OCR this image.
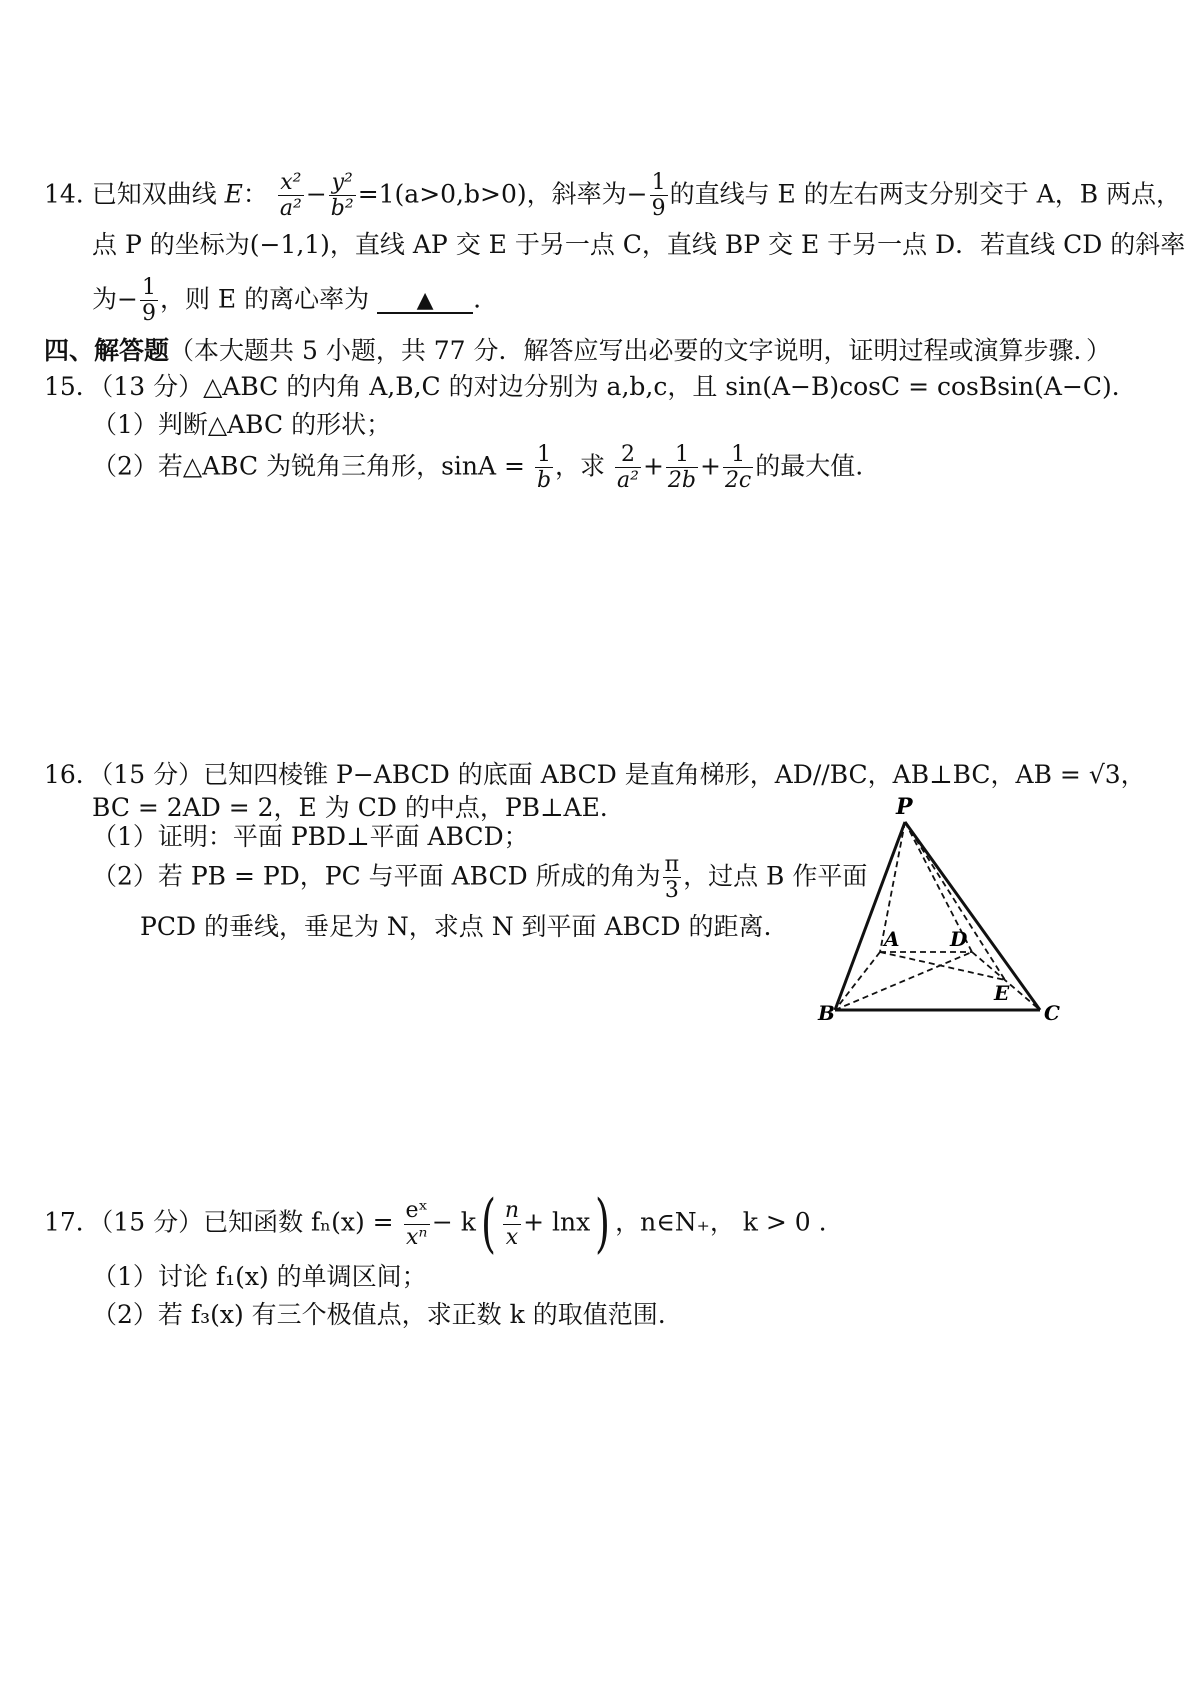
14. 已知双曲线 E： $\frac{\text{x²}}{\text{a²}} - \frac{\text{y²}}{\text{b²}} =1(a>0,b>0)$，斜率为− $\frac{1}{9}$ 的直线与 E 的左右两支分别交于 A，B 两点，
点 P 的坐标为(−1,1)，直线 AP 交 E 于另一点 C，直线 BP 交 E 于另一点 D．若直线 CD 的斜率
为− $\frac{1}{9}$ ，则 E 的离心率为 ▲ .
四、解答题（本大题共 5 小题，共 77 分．解答应写出必要的文字说明，证明过程或演算步骤．）
15．（13 分）△ABC 的内角 A,B,C 的对边分别为 a,b,c，且 sin(A−B)cosC = cosBsin(A−C)．
（1）判断△ABC 的形状；
（2）若△ABC 为锐角三角形，$\sin A = \frac{1}{b}$ ，求 $\frac{2}{\text{a²}} + \frac{1}{2b} + \frac{1}{2c}$ 的最大值.
16．（15 分）已知四棱锥 P−ABCD 的底面 ABCD 是直角梯形，AD//BC，AB⊥BC，AB = √3，
BC = 2AD = 2，E 为 CD 的中点，PB⊥AE．
（1）证明：平面 PBD⊥平面 ABCD；
（2）若 PB = PD，PC 与平面 ABCD 所成的角为 $\frac{\pi}{3}$ ，过点 B 作平面
PCD 的垂线，垂足为 N，求点 N 到平面 ABCD 的距离.
P
A	D
E
B	C
17．（15 分）已知函数 $f_n(x) = \frac{\text{eˣ}}{\text{xⁿ}} - k( \frac{n}{x} + \ln x)$ ，n∈N₊， k > 0 .
（1）讨论 f₁(x) 的单调区间；
（2）若 f₃(x) 有三个极值点，求正数 k 的取值范围.
